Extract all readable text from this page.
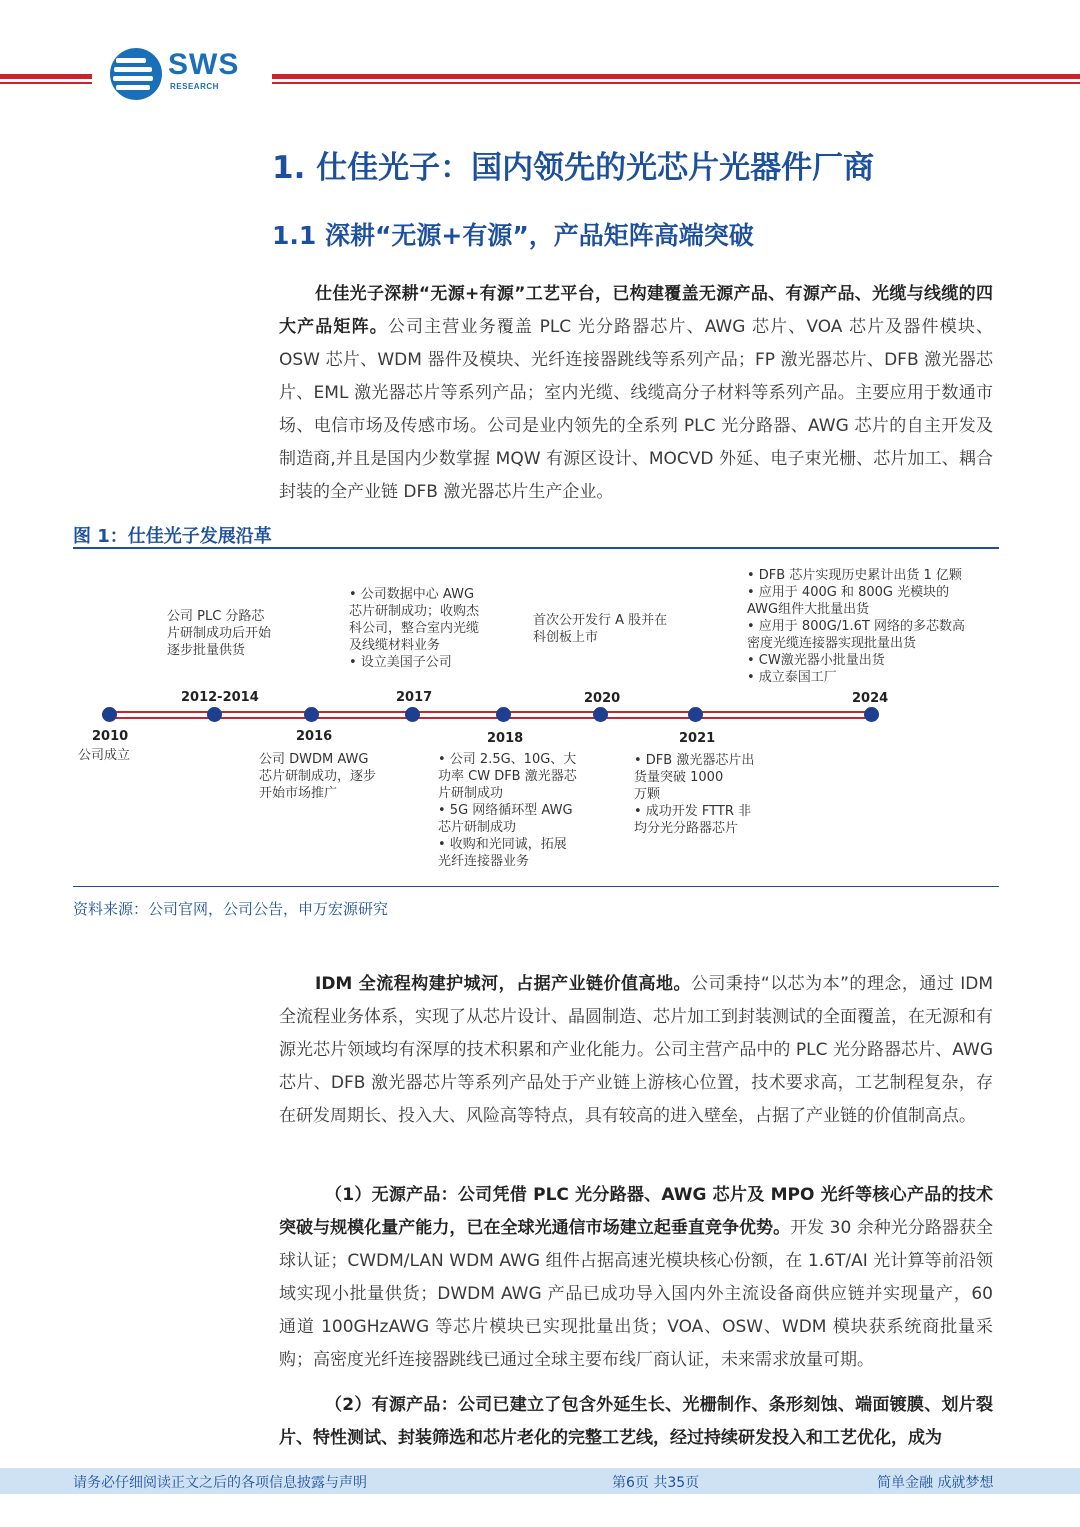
SWS
RESEARCH
1. 仕佳光子：国内领先的光芯片光器件厂商
1.1 深耕“无源+有源”，产品矩阵高端突破
仕佳光子深耕“无源+有源”工艺平台，已构建覆盖无源产品、有源产品、光缆与线缆的四大产品矩阵。公司主营业务覆盖 PLC 光分路器芯片、AWG 芯片、VOA 芯片及器件模块、OSW 芯片、WDM 器件及模块、光纤连接器跳线等系列产品；FP 激光器芯片、DFB 激光器芯片、EML 激光器芯片等系列产品；室内光缆、线缆高分子材料等系列产品。主要应用于数通市场、电信市场及传感市场。公司是业内领先的全系列 PLC 光分路器、AWG 芯片的自主开发及制造商,并且是国内少数掌握 MQW 有源区设计、MOCVD 外延、电子束光栅、芯片加工、耦合封装的全产业链 DFB 激光器芯片生产企业。
图 1：仕佳光子发展沿革
2010
2012-2014
2016
2017
2018
2020
2021
2024
公司成立
公司 PLC 分路芯
片研制成功后开始
逐步批量供货
公司 DWDM AWG
芯片研制成功，逐步
开始市场推广
• 公司数据中心 AWG
芯片研制成功；收购杰
科公司，整合室内光缆
及线缆材料业务
• 设立美国子公司
• 公司 2.5G、10G、大
功率 CW DFB 激光器芯
片研制成功
• 5G 网络循环型 AWG
芯片研制成功
• 收购和光同诚，拓展
光纤连接器业务
首次公开发行 A 股并在
科创板上市
• DFB 激光器芯片出
货量突破 1000
万颗
• 成功开发 FTTR 非
均分光分路器芯片
• DFB 芯片实现历史累计出货 1 亿颗
• 应用于 400G 和 800G 光模块的
AWG组件大批量出货
• 应用于 800G/1.6T 网络的多芯数高
密度光缆连接器实现批量出货
• CW激光器小批量出货
• 成立泰国工厂
资料来源：公司官网，公司公告，申万宏源研究
IDM 全流程构建护城河，占据产业链价值高地。公司秉持“以芯为本”的理念，通过 IDM 全流程业务体系，实现了从芯片设计、晶圆制造、芯片加工到封装测试的全面覆盖，在无源和有源光芯片领域均有深厚的技术积累和产业化能力。公司主营产品中的 PLC 光分路器芯片、AWG 芯片、DFB 激光器芯片等系列产品处于产业链上游核心位置，技术要求高，工艺制程复杂，存在研发周期长、投入大、风险高等特点，具有较高的进入壁垒，占据了产业链的价值制高点。
（1）无源产品：公司凭借 PLC 光分路器、AWG 芯片及 MPO 光纤等核心产品的技术突破与规模化量产能力，已在全球光通信市场建立起垂直竞争优势。开发 30 余种光分路器获全球认证；CWDM/LAN WDM AWG 组件占据高速光模块核心份额，在 1.6T/AI 光计算等前沿领域实现小批量供货；DWDM AWG 产品已成功导入国内外主流设备商供应链并实现量产，60 通道 100GHzAWG 等芯片模块已实现批量出货；VOA、OSW、WDM 模块获系统商批量采购；高密度光纤连接器跳线已通过全球主要布线厂商认证，未来需求放量可期。
（2）有源产品：公司已建立了包含外延生长、光栅制作、条形刻蚀、端面镀膜、划片裂片、特性测试、封装筛选和芯片老化的完整工艺线，经过持续研发投入和工艺优化，成为
请务必仔细阅读正文之后的各项信息披露与声明	第6页 共35页	简单金融 成就梦想
